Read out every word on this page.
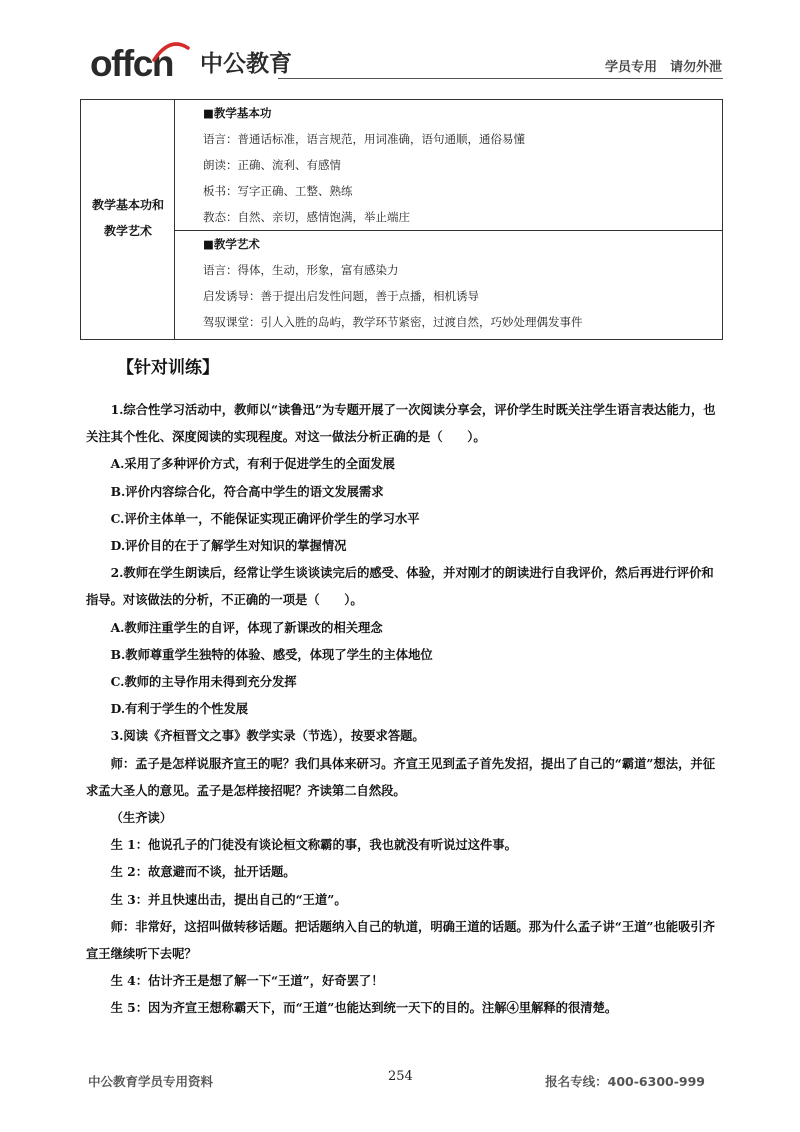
offcn 中公教育	学员专用　请勿外泄
教学基本功和
教学艺术
■教学基本功
语言：普通话标准，语言规范，用词准确，语句通顺，通俗易懂
朗读：正确、流利、有感情
板书：写字正确、工整、熟练
教态：自然、亲切，感情饱满，举止端庄
■教学艺术
语言：得体，生动，形象，富有感染力
启发诱导：善于提出启发性问题，善于点播，相机诱导
驾驭课堂：引人入胜的岛屿，教学环节紧密，过渡自然，巧妙处理偶发事件
【针对训练】

1.综合性学习活动中，教师以“读鲁迅”为专题开展了一次阅读分享会，评价学生时既关注学生语言表达能力，也关注其个性化、深度阅读的实现程度。对这一做法分析正确的是（　　）。

A.采用了多种评价方式，有利于促进学生的全面发展

B.评价内容综合化，符合高中学生的语文发展需求

C.评价主体单一，不能保证实现正确评价学生的学习水平

D.评价目的在于了解学生对知识的掌握情况

2.教师在学生朗读后，经常让学生谈谈读完后的感受、体验，并对刚才的朗读进行自我评价，然后再进行评价和指导。对该做法的分析，不正确的一项是（　　）。

A.教师注重学生的自评，体现了新课改的相关理念

B.教师尊重学生独特的体验、感受，体现了学生的主体地位

C.教师的主导作用未得到充分发挥

D.有利于学生的个性发展

3.阅读《齐桓晋文之事》教学实录（节选），按要求答题。

师：孟子是怎样说服齐宣王的呢？我们具体来研习。齐宣王见到孟子首先发招，提出了自己的“霸道”想法，并征求孟大圣人的意见。孟子是怎样接招呢？齐读第二自然段。

（生齐读）

生 1：他说孔子的门徒没有谈论桓文称霸的事，我也就没有听说过这件事。

生 2：故意避而不谈，扯开话题。

生 3：并且快速出击，提出自己的“王道”。

师：非常好，这招叫做转移话题。把话题纳入自己的轨道，明确王道的话题。那为什么孟子讲“王道”也能吸引齐宣王继续听下去呢？

生 4：估计齐王是想了解一下“王道”，好奇罢了！

生 5：因为齐宣王想称霸天下，而“王道”也能达到统一天下的目的。注解④里解释的很清楚。

中公教育学员专用资料	254	报名专线：400-6300-999
